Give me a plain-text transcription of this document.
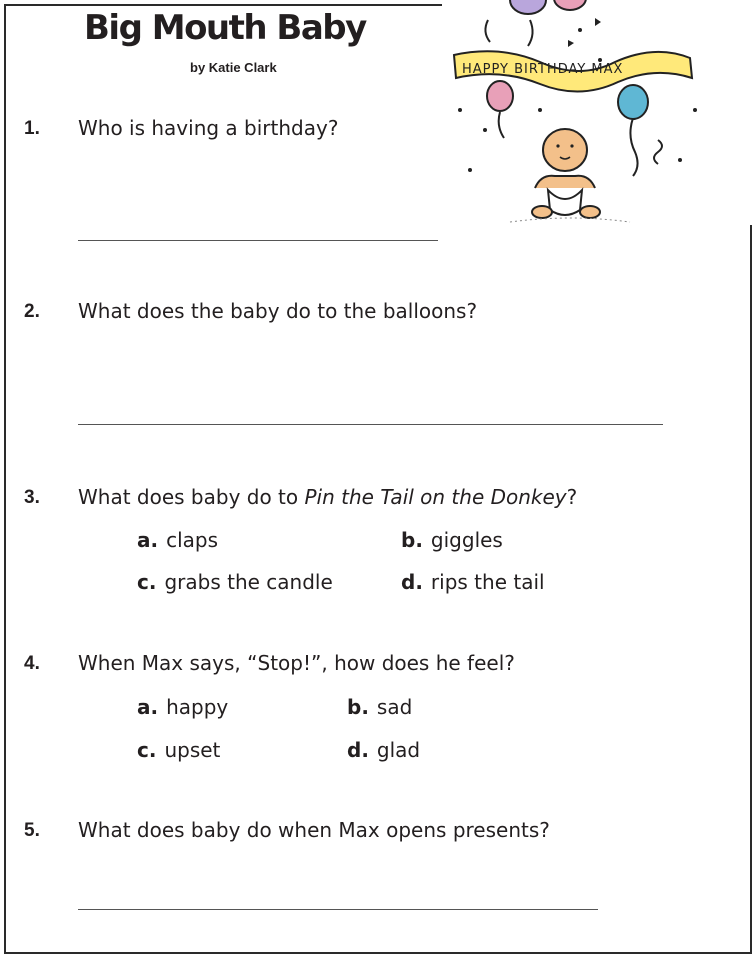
Big Mouth Baby
by Katie Clark	HAPPY BIRTHDAY MAX
1. Who is having a birthday?
2. What does the baby do to the balloons?
3. What does baby do to Pin the Tail on the Donkey?
a. claps	b. giggles
c. grabs the candle	d. rips the tail
4. When Max says, “Stop!”, how does he feel?
a. happy	b. sad
c. upset	d. glad
5. What does baby do when Max opens presents?
